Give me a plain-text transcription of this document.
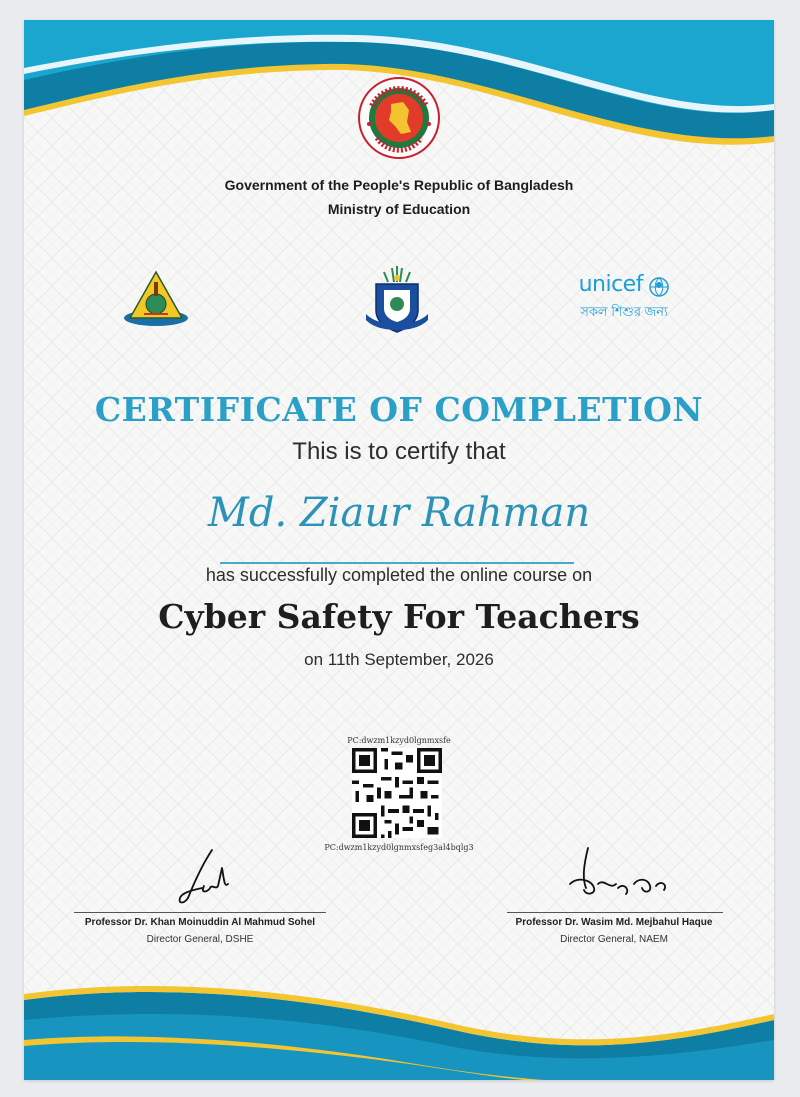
Government of the People's Republic of Bangladesh
Ministry of Education
unicef
সকল শিশুর জন্য
CERTIFICATE OF COMPLETION
This is to certify that
Md. Ziaur Rahman
has successfully completed the online course on
Cyber Safety For Teachers
on 11th September, 2026
PC:dwzm1kzyd0lgnmxsfe
PC:dwzm1kzyd0lgnmxsfeg3al4bqlg3
Professor Dr. Khan Moinuddin Al Mahmud Sohel
Director General, DSHE
Professor Dr. Wasim Md. Mejbahul Haque
Director General, NAEM
